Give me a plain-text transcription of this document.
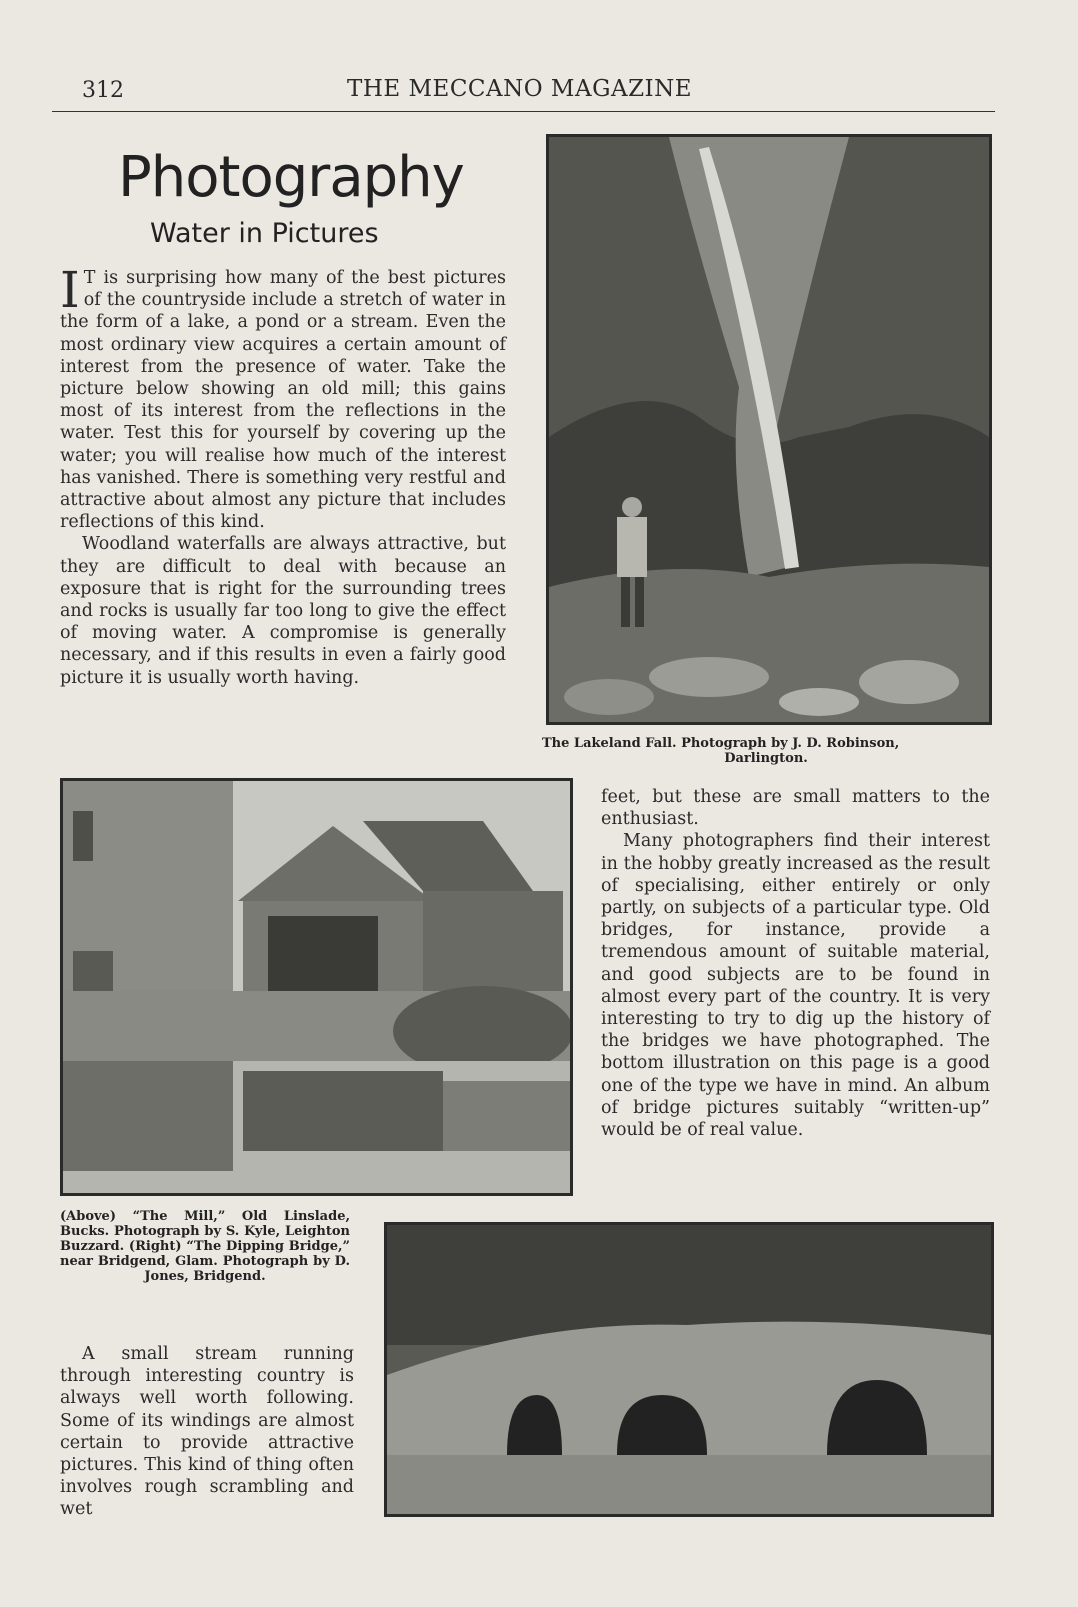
312	THE MECCANO MAGAZINE
Photography
Water in Pictures

I T is surprising how many of the best pictures of the countryside include a stretch of water in the form of a lake, a pond or a stream. Even the most ordinary view acquires a certain amount of interest from the presence of water. Take the picture below showing an old mill; this gains most of its interest from the reflections in the water. Test this for yourself by covering up the water; you will realise how much of the interest has vanished. There is something very restful and attractive about almost any picture that includes reflections of this kind.

Woodland waterfalls are always attractive, but they are difficult to deal with because an exposure that is right for the surrounding trees and rocks is usually far too long to give the effect of moving water. A compromise is generally necessary, and if this results in even a fairly good picture it is usually worth having.

The Lakeland Fall. Photograph by J. D. Robinson,
Darlington.
(Above) “The Mill,” Old Linslade, Bucks. Photograph by S. Kyle, Leighton Buzzard. (Right) “The Dipping Bridge,” near Bridgend, Glam. Photograph by D. Jones, Bridgend.

feet, but these are small matters to the enthusiast.

Many photographers find their interest in the hobby greatly increased as the result of specialising, either entirely or only partly, on subjects of a particular type. Old bridges, for instance, provide a tremendous amount of suitable material, and good subjects are to be found in almost every part of the country. It is very interesting to try to dig up the history of the bridges we have photographed. The bottom illustration on this page is a good one of the type we have in mind. An album of bridge pictures suitably “written-up” would be of real value.

A small stream running through interesting country is always well worth following. Some of its windings are almost certain to provide attractive pictures. This kind of thing often involves rough scrambling and wet
